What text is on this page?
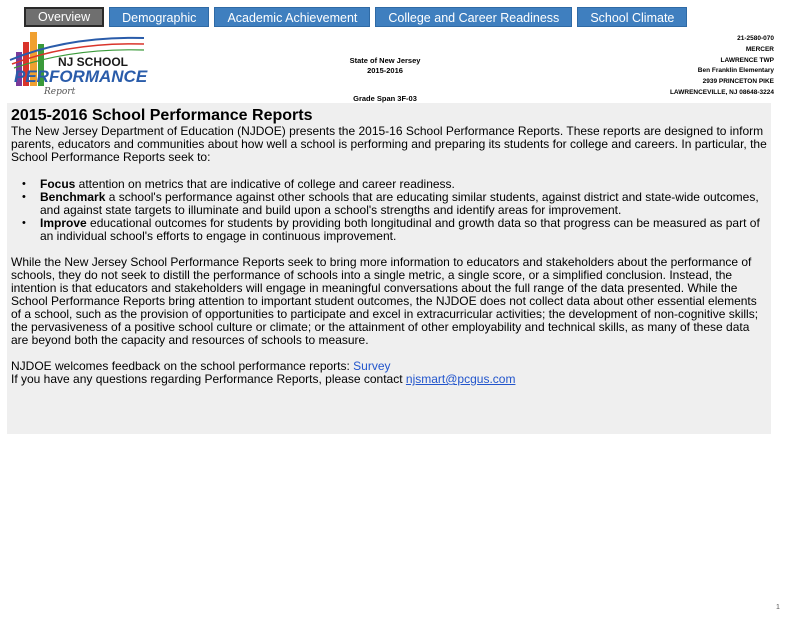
Overview	Demographic	Academic Achievement	College and Career Readiness	School Climate
NJ SCHOOL
PERFORMANCE
Report
State of New Jersey
2015-2016
Grade Span 3F-03
21-2580-070
MERCER
LAWRENCE TWP
Ben Franklin Elementary
2939 PRINCETON PIKE
LAWRENCEVILLE, NJ 08648-3224
2015-2016 School Performance Reports

The New Jersey Department of Education (NJDOE) presents the 2015-16 School Performance Reports. These reports are designed to inform parents, educators and communities about how well a school is performing and preparing its students for college and careers. In particular, the School Performance Reports seek to:

• Focus attention on metrics that are indicative of college and career readiness.
• Benchmark a school's performance against other schools that are educating similar students, against district and state-wide outcomes, and against state targets to illuminate and build upon a school's strengths and identify areas for improvement.
• Improve educational outcomes for students by providing both longitudinal and growth data so that progress can be measured as part of an individual school's efforts to engage in continuous improvement.

While the New Jersey School Performance Reports seek to bring more information to educators and stakeholders about the performance of schools, they do not seek to distill the performance of schools into a single metric, a single score, or a simplified conclusion. Instead, the intention is that educators and stakeholders will engage in meaningful conversations about the full range of the data presented. While the School Performance Reports bring attention to important student outcomes, the NJDOE does not collect data about other essential elements of a school, such as the provision of opportunities to participate and excel in extracurricular activities; the development of non-cognitive skills; the pervasiveness of a positive school culture or climate; or the attainment of other employability and technical skills, as many of these data are beyond both the capacity and resources of schools to measure.

NJDOE welcomes feedback on the school performance reports: Survey

If you have any questions regarding Performance Reports, please contact njsmart@pcgus.com

1
